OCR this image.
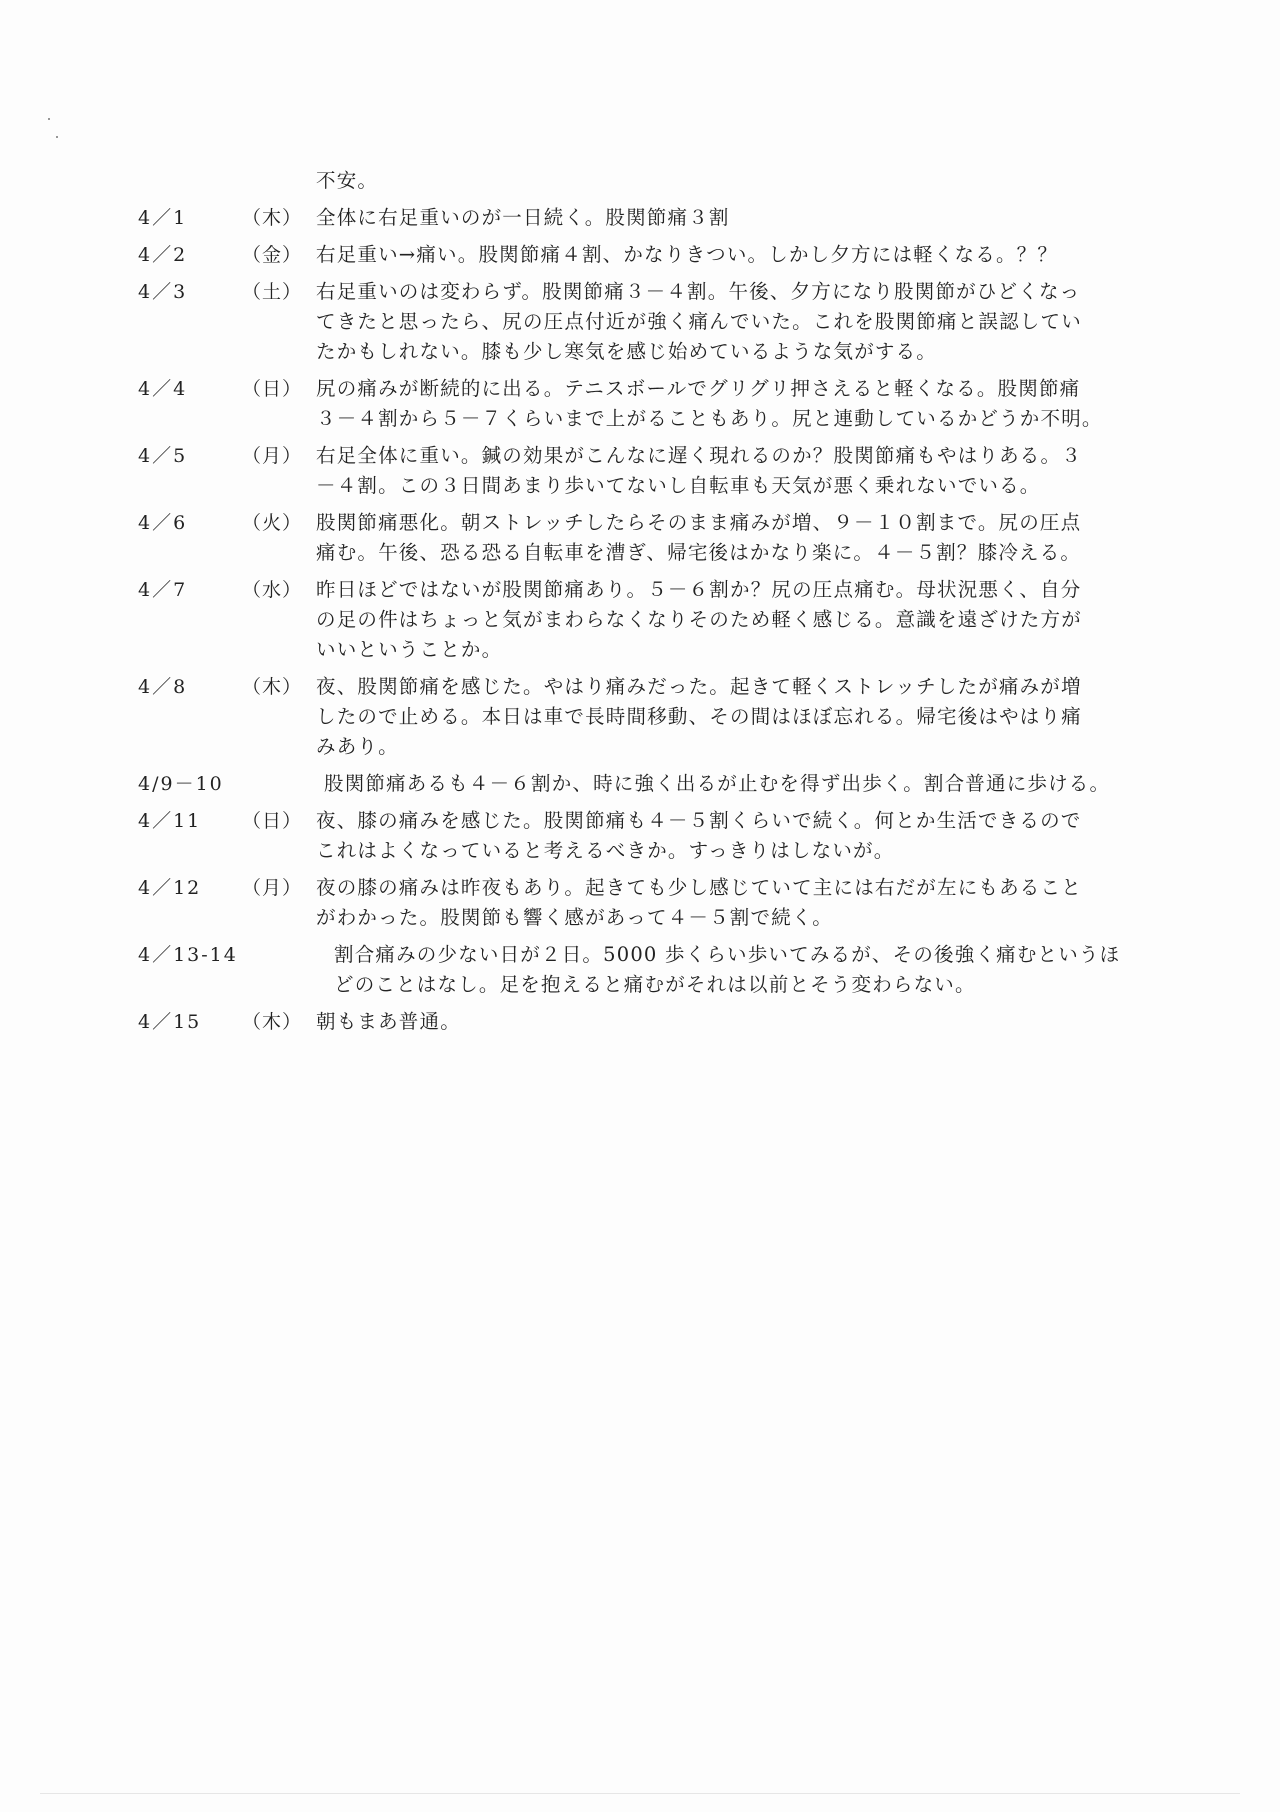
不安。
4／1	（木） 全体に右足重いのが一日続く。股関節痛３割
4／2	（金） 右足重い→痛い。股関節痛４割、かなりきつい。しかし夕方には軽くなる。？？
4／3	（土） 右足重いのは変わらず。股関節痛３－４割。午後、夕方になり股関節がひどくなっ
てきたと思ったら、尻の圧点付近が強く痛んでいた。これを股関節痛と誤認してい
たかもしれない。膝も少し寒気を感じ始めているような気がする。
4／4	（日） 尻の痛みが断続的に出る。テニスボールでグリグリ押さえると軽くなる。股関節痛
３－４割から５－７くらいまで上がることもあり。尻と連動しているかどうか不明。
4／5	（月） 右足全体に重い。鍼の効果がこんなに遅く現れるのか？股関節痛もやはりある。３
－４割。この３日間あまり歩いてないし自転車も天気が悪く乗れないでいる。
4／6	（火） 股関節痛悪化。朝ストレッチしたらそのまま痛みが増、９－１０割まで。尻の圧点
痛む。午後、恐る恐る自転車を漕ぎ、帰宅後はかなり楽に。４－５割？膝冷える。
4／7	（水） 昨日ほどではないが股関節痛あり。５－６割か？尻の圧点痛む。母状況悪く、自分
の足の件はちょっと気がまわらなくなりそのため軽く感じる。意識を遠ざけた方が
いいということか。
4／8	（木） 夜、股関節痛を感じた。やはり痛みだった。起きて軽くストレッチしたが痛みが増
したので止める。本日は車で長時間移動、その間はほぼ忘れる。帰宅後はやはり痛
みあり。
4/9－10	股関節痛あるも４－６割か、時に強く出るが止むを得ず出歩く。割合普通に歩ける。
4／11 （日） 夜、膝の痛みを感じた。股関節痛も４－５割くらいで続く。何とか生活できるので
これはよくなっていると考えるべきか。すっきりはしないが。
4／12 （月） 夜の膝の痛みは昨夜もあり。起きても少し感じていて主には右だが左にもあること
がわかった。股関節も響く感があって４－５割で続く。
4／13-14	割合痛みの少ない日が２日。5000 歩くらい歩いてみるが、その後強く痛むというほ
どのことはなし。足を抱えると痛むがそれは以前とそう変わらない。
4／15 （木） 朝もまあ普通。
